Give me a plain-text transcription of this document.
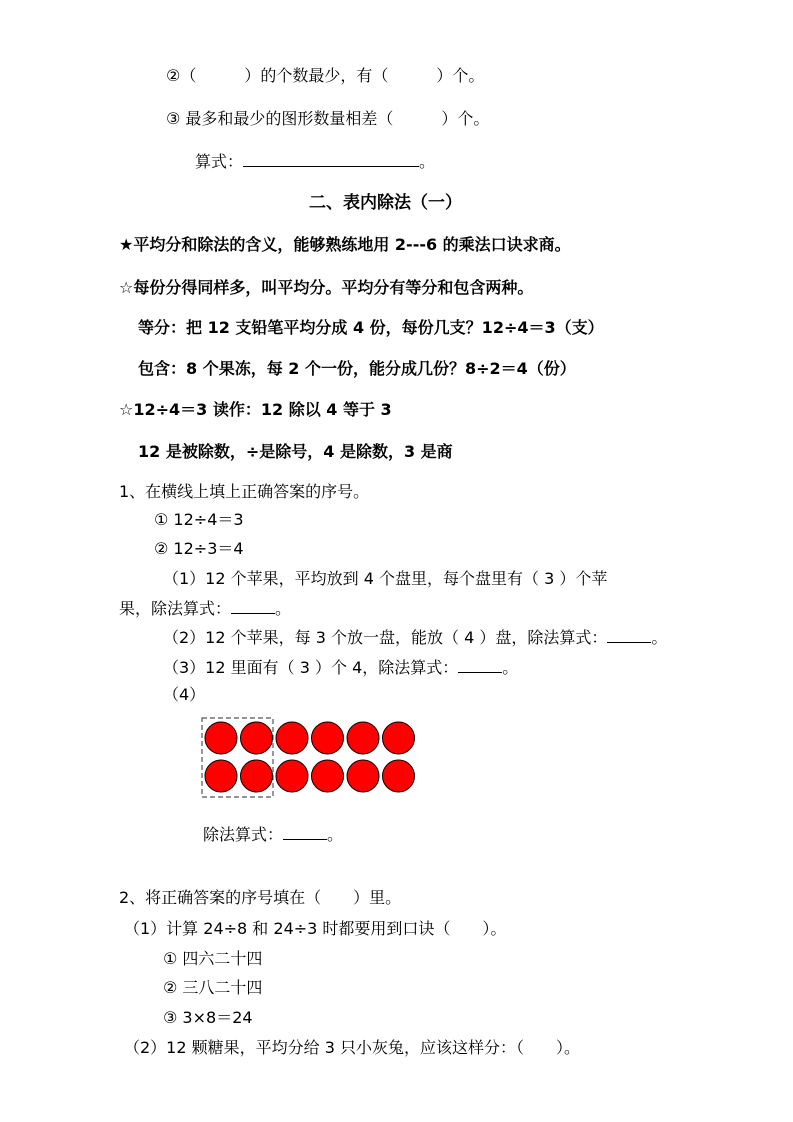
②（　　　）的个数最少，有（　　　）个。
③ 最多和最少的图形数量相差（　　　）个。
算式：	。
二、表内除法（一）
★平均分和除法的含义，能够熟练地用 2---6 的乘法口诀求商。
☆每份分得同样多，叫平均分。平均分有等分和包含两种。
等分：把 12 支铅笔平均分成 4 份，每份几支？12÷4＝3（支）
包含：8 个果冻，每 2 个一份，能分成几份？8÷2＝4（份）
☆12÷4＝3 读作：12 除以 4 等于 3
12 是被除数，÷是除号，4 是除数，3 是商
1、在横线上填上正确答案的序号。
① 12÷4＝3
② 12÷3＝4
（1）12 个苹果，平均放到 4 个盘里，每个盘里有（ 3 ）个苹
果，除法算式：	。
（2）12 个苹果，每 3 个放一盘，能放（ 4 ）盘，除法算式：	。
（3）12 里面有（ 3 ）个 4，除法算式：	。
（4）
除法算式：	。
2、将正确答案的序号填在（　　）里。
（1）计算 24÷8 和 24÷3 时都要用到口诀（　　）。
① 四六二十四
② 三八二十四
③ 3×8＝24
（2）12 颗糖果，平均分给 3 只小灰兔，应该这样分：（　　）。
